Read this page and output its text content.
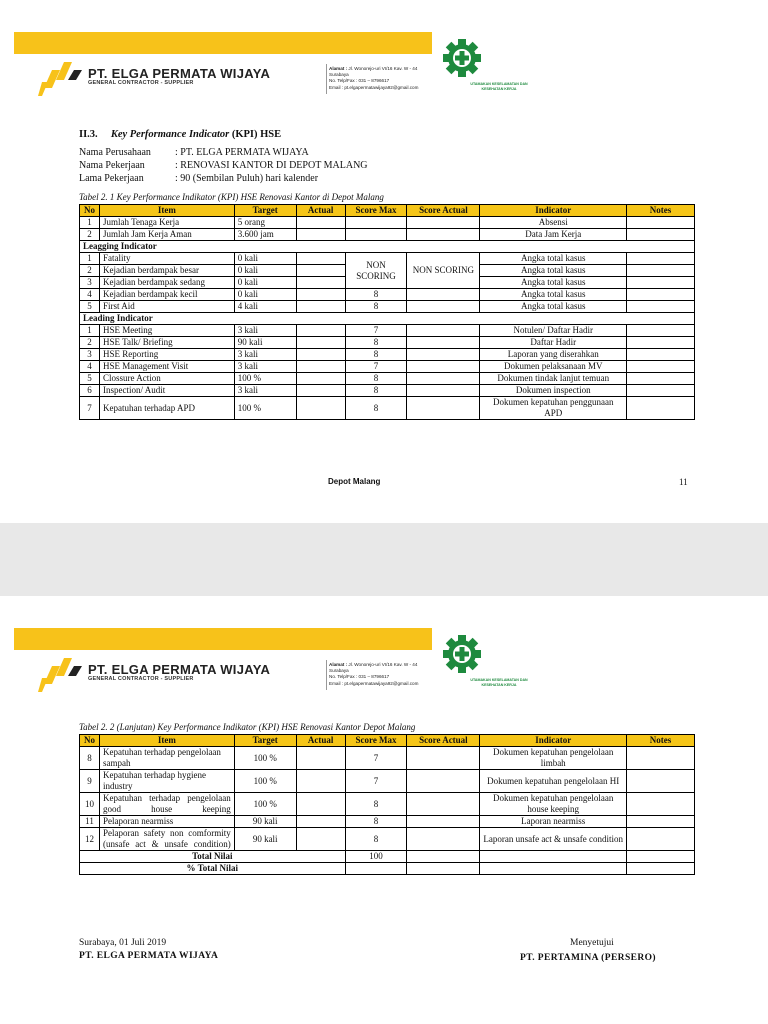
PT. ELGA PERMATA WIJAYA
GENERAL CONTRACTOR - SUPPLIER
Alamat : Jl. Wonorejo-uri VI/16 Kav. W - 44
Surabaya
No. Telp/Fax : 031 – 8796617
Email : pt.elgapermatawijaya92@gmail.com
UTAMAKAN KESELAMATAN DAN KESEHATAN KERJA
II.3. Key Performance Indicator (KPI) HSE
Nama Perusahaan	: PT. ELGA PERMATA WIJAYA
Nama Pekerjaan	: RENOVASI KANTOR DI DEPOT MALANG
Lama Pekerjaan	: 90 (Sembilan Puluh) hari kalender
Tabel 2. 1 Key Performance Indikator (KPI) HSE Renovasi Kantor di Depot Malang
No	Item	Target	Actual	Score Max	Score Actual	Indicator	Notes
1	Jumlah Tenaga Kerja	5 orang				Absensi	
2	Jumlah Jam Kerja Aman	3.600 jam				Data Jam Kerja	
Leagging Indicator							
1	Fatality	0 kali		NON SCORING	NON SCORING	Angka total kasus	
2	Kejadian berdampak besar	0 kali				Angka total kasus	
3	Kejadian berdampak sedang	0 kali				Angka total kasus	
4	Kejadian berdampak kecil	0 kali		8		Angka total kasus	
5	First Aid	4 kali		8		Angka total kasus	
Leading Indicator							
1	HSE Meeting	3 kali		7		Notulen/ Daftar Hadir	
2	HSE Talk/ Briefing	90 kali		8		Daftar Hadir	
3	HSE Reporting	3 kali		8		Laporan yang diserahkan	
4	HSE Management Visit	3 kali		7		Dokumen pelaksanaan MV	
5	Clossure Action	100 %		8		Dokumen tindak lanjut temuan	
6	Inspection/ Audit	3 kali		8		Dokumen inspection	
7	Kepatuhan terhadap APD	100 %		8		Dokumen kepatuhan penggunaan APD	
Depot Malang	11
PT. ELGA PERMATA WIJAYA
GENERAL CONTRACTOR - SUPPLIER
Alamat : Jl. Wonorejo-uri VI/16 Kav. W - 44
Surabaya
No. Telp/Fax : 031 – 8796617
Email : pt.elgapermatawijaya92@gmail.com
UTAMAKAN KESELAMATAN DAN KESEHATAN KERJA
Tabel 2. 2 (Lanjutan) Key Performance Indikator (KPI) HSE Renovasi Kantor Depot Malang
No	Item	Target	Actual	Score Max	Score Actual	Indicator	Notes
8	Kepatuhan terhadap pengelolaan sampah	100 %		7		Dokumen kepatuhan pengelolaan limbah	
9	Kepatuhan terhadap hygiene industry	100 %		7		Dokumen kepatuhan pengelolaan HI	
10	Kepatuhan terhadap pengelolaan good house keeping	100 %		8		Dokumen kepatuhan pengelolaan house keeping	
11	Pelaporan nearmiss	90 kali		8		Laporan nearmiss	
12	Pelaporan safety non comformity (unsafe act & unsafe condition)	90 kali		8		Laporan unsafe act & unsafe condition	
Total Nilai				100			
% Total Nilai							
Surabaya, 01 Juli 2019
PT. ELGA PERMATA WIJAYA
Menyetujui
PT. PERTAMINA (PERSERO)
